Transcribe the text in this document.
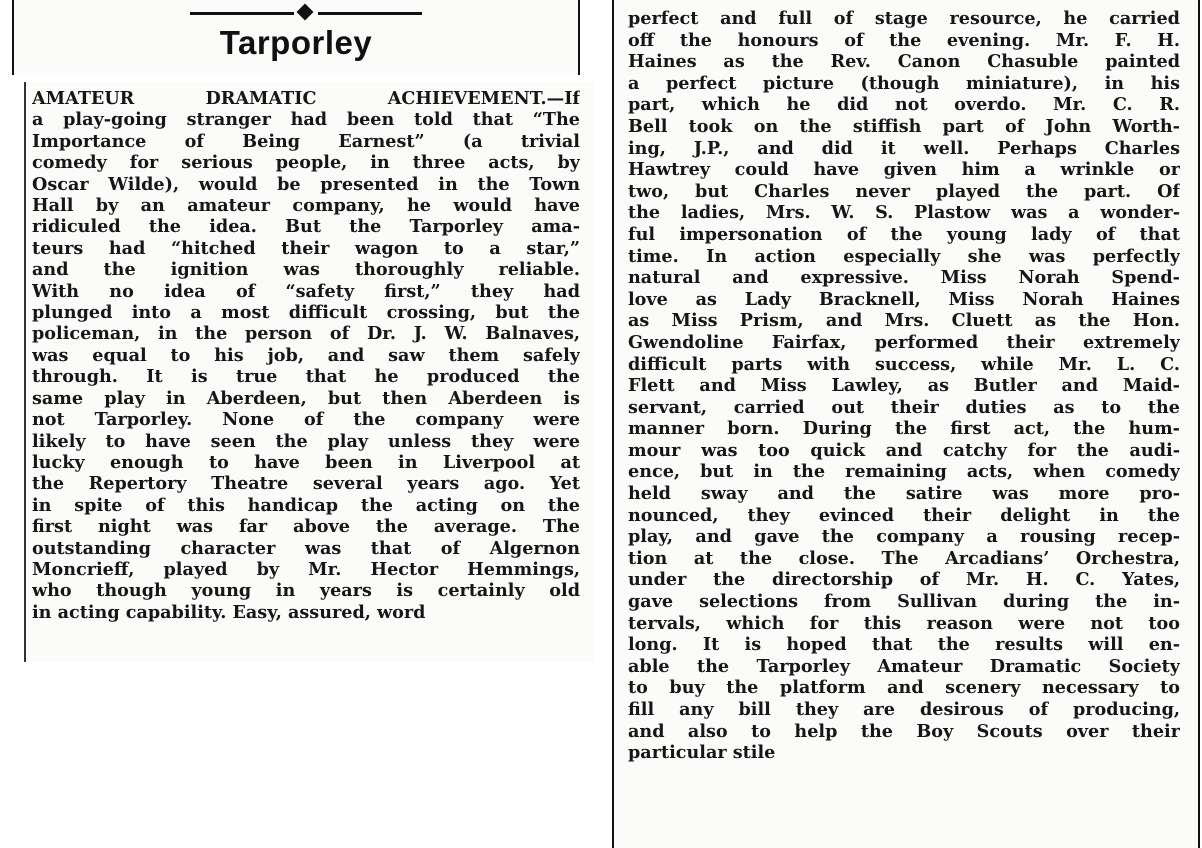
Tarporley
AMATEUR DRAMATIC ACHIEVEMENT.—If
a play-going stranger had been told that “The
Importance of Being Earnest” (a trivial
comedy for serious people, in three acts, by
Oscar Wilde), would be presented in the Town
Hall by an amateur company, he would have
ridiculed the idea. But the Tarporley ama-
teurs had “hitched their wagon to a star,”
and the ignition was thoroughly reliable.
With no idea of “safety first,” they had
plunged into a most difficult crossing, but the
policeman, in the person of Dr. J. W. Balnaves,
was equal to his job, and saw them safely
through. It is true that he produced the
same play in Aberdeen, but then Aberdeen is
not Tarporley. None of the company were
likely to have seen the play unless they were
lucky enough to have been in Liverpool at
the Repertory Theatre several years ago. Yet
in spite of this handicap the acting on the
first night was far above the average. The
outstanding character was that of Algernon
Moncrieff, played by Mr. Hector Hemmings,
who though young in years is certainly old
in acting capability. Easy, assured, word
perfect and full of stage resource, he carried
off the honours of the evening. Mr. F. H.
Haines as the Rev. Canon Chasuble painted
a perfect picture (though miniature), in his
part, which he did not overdo. Mr. C. R.
Bell took on the stiffish part of John Worth-
ing, J.P., and did it well. Perhaps Charles
Hawtrey could have given him a wrinkle or
two, but Charles never played the part. Of
the ladies, Mrs. W. S. Plastow was a wonder-
ful impersonation of the young lady of that
time. In action especially she was perfectly
natural and expressive. Miss Norah Spend-
love as Lady Bracknell, Miss Norah Haines
as Miss Prism, and Mrs. Cluett as the Hon.
Gwendoline Fairfax, performed their extremely
difficult parts with success, while Mr. L. C.
Flett and Miss Lawley, as Butler and Maid-
servant, carried out their duties as to the
manner born. During the first act, the hum-
mour was too quick and catchy for the audi-
ence, but in the remaining acts, when comedy
held sway and the satire was more pro-
nounced, they evinced their delight in the
play, and gave the company a rousing recep-
tion at the close. The Arcadians’ Orchestra,
under the directorship of Mr. H. C. Yates,
gave selections from Sullivan during the in-
tervals, which for this reason were not too
long. It is hoped that the results will en-
able the Tarporley Amateur Dramatic Society
to buy the platform and scenery necessary to
fill any bill they are desirous of producing,
and also to help the Boy Scouts over their
particular stile
